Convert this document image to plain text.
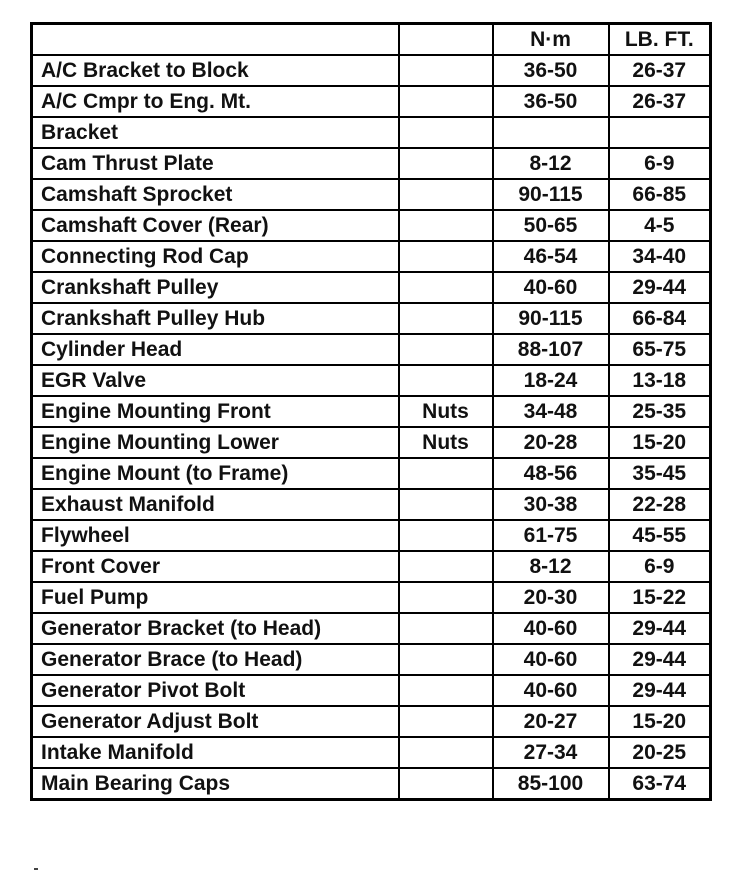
		N·m	LB. FT.
A/C Bracket to Block		36-50	26-37
A/C Cmpr to Eng. Mt.		36-50	26-37
Bracket			
Cam Thrust Plate		8-12	6-9
Camshaft Sprocket		90-115	66-85
Camshaft Cover (Rear)		50-65	4-5
Connecting Rod Cap		46-54	34-40
Crankshaft Pulley		40-60	29-44
Crankshaft Pulley Hub		90-115	66-84
Cylinder Head		88-107	65-75
EGR Valve		18-24	13-18
Engine Mounting Front	Nuts	34-48	25-35
Engine Mounting Lower	Nuts	20-28	15-20
Engine Mount (to Frame)		48-56	35-45
Exhaust Manifold		30-38	22-28
Flywheel		61-75	45-55
Front Cover		8-12	6-9
Fuel Pump		20-30	15-22
Generator Bracket (to Head)		40-60	29-44
Generator Brace (to Head)		40-60	29-44
Generator Pivot Bolt		40-60	29-44
Generator Adjust Bolt		20-27	15-20
Intake Manifold		27-34	20-25
Main Bearing Caps		85-100	63-74
